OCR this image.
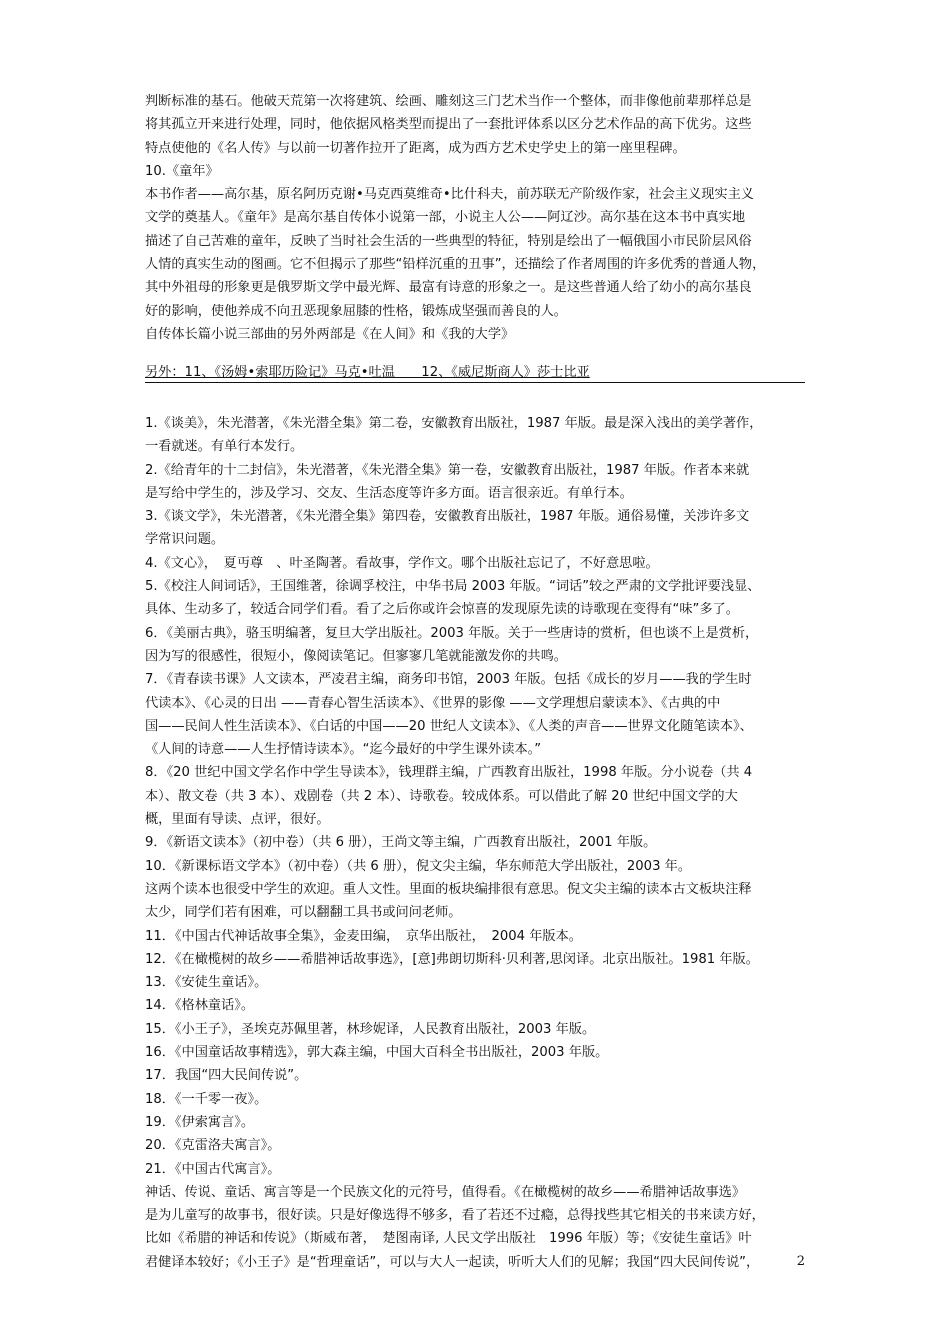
判断标准的基石。他破天荒第一次将建筑、绘画、雕刻这三门艺术当作一个整体，而非像他前辈那样总是
将其孤立开来进行处理，同时，他依据风格类型而提出了一套批评体系以区分艺术作品的高下优劣。这些
特点使他的《名人传》与以前一切著作拉开了距离，成为西方艺术史学史上的第一座里程碑。
10.《童年》
本书作者——高尔基，原名阿历克谢•马克西莫维奇•比什科夫，前苏联无产阶级作家，社会主义现实主义
文学的奠基人。《童年》是高尔基自传体小说第一部，小说主人公——阿辽沙。高尔基在这本书中真实地
描述了自己苦难的童年，反映了当时社会生活的一些典型的特征，特别是绘出了一幅俄国小市民阶层风俗
人情的真实生动的图画。它不但揭示了那些“铅样沉重的丑事”，还描绘了作者周围的许多优秀的普通人物，
其中外祖母的形象更是俄罗斯文学中最光辉、最富有诗意的形象之一。是这些普通人给了幼小的高尔基良
好的影响，使他养成不向丑恶现象屈膝的性格，锻炼成坚强而善良的人。
自传体长篇小说三部曲的另外两部是《在人间》和《我的大学》
另外：11、《汤姆•索耶历险记》马克•吐温　　12、《威尼斯商人》莎士比亚
1.《谈美》，朱光潜著，《朱光潜全集》第二卷，安徽教育出版社，1987 年版。最是深入浅出的美学著作，
一看就迷。有单行本发行。
2.《给青年的十二封信》，朱光潜著，《朱光潜全集》第一卷，安徽教育出版社，1987 年版。作者本来就
是写给中学生的，涉及学习、交友、生活态度等许多方面。语言很亲近。有单行本。
3.《谈文学》，朱光潜著，《朱光潜全集》第四卷，安徽教育出版社，1987 年版。通俗易懂，关涉许多文
学常识问题。
4.《文心》，　夏丏尊　、叶圣陶著。看故事，学作文。哪个出版社忘记了，不好意思啦。
5.《校注人间词话》，王国维著，徐调孚校注，中华书局 2003 年版。“词话”较之严肃的文学批评要浅显、
具体、生动多了，较适合同学们看。看了之后你或许会惊喜的发现原先读的诗歌现在变得有“味”多了。
6．《美丽古典》，骆玉明编著，复旦大学出版社。2003 年版。关于一些唐诗的赏析，但也谈不上是赏析，
因为写的很感性，很短小，像阅读笔记。但寥寥几笔就能激发你的共鸣。
7．《青春读书课》人文读本，严凌君主编，商务印书馆，2003 年版。包括《成长的岁月——我的学生时
代读本》、《心灵的日出 ——青春心智生活读本》、《世界的影像 ——文学理想启蒙读本》、《古典的中
国——民间人性生活读本》、《白话的中国——20 世纪人文读本》、《人类的声音——世界文化随笔读本》、
《人间的诗意——人生抒情诗读本》。“迄今最好的中学生课外读本。”
8．《20 世纪中国文学名作中学生导读本》，钱理群主编，广西教育出版社，1998 年版。分小说卷（共 4
本）、散文卷（共 3 本）、戏剧卷（共 2 本）、诗歌卷。较成体系。可以借此了解 20 世纪中国文学的大
概，里面有导读、点评，很好。
9．《新语文读本》（初中卷）（共 6 册），王尚文等主编，广西教育出版社，2001 年版。
10．《新课标语文学本》（初中卷）（共 6 册），倪文尖主编，华东师范大学出版社，2003 年。
这两个读本也很受中学生的欢迎。重人文性。里面的板块编排很有意思。倪文尖主编的读本古文板块注释
太少，同学们若有困难，可以翻翻工具书或问问老师。
11．《中国古代神话故事全集》，金麦田编，　京华出版社，　2004 年版本。
12．《在橄榄树的故乡——希腊神话故事选》，[意]弗朗切斯科·贝利著,思闵译。北京出版社。1981 年版。
13．《安徒生童话》。
14．《格林童话》。
15．《小王子》，圣埃克苏佩里著，林珍妮译，人民教育出版社，2003 年版。
16．《中国童话故事精选》，郭大森主编，中国大百科全书出版社，2003 年版。
17．我国“四大民间传说”。
18．《一千零一夜》。
19．《伊索寓言》。
20．《克雷洛夫寓言》。
21．《中国古代寓言》。
神话、传说、童话、寓言等是一个民族文化的元符号，值得看。《在橄榄树的故乡——希腊神话故事选》
是为儿童写的故事书，很好读。只是好像选得不够多，看了若还不过瘾，总得找些其它相关的书来读方好，
比如《希腊的神话和传说》（斯威布著，　楚图南译, 人民文学出版社　1996 年版）等；《安徒生童话》叶
君健译本较好；《小王子》是“哲理童话”，可以与大人一起读，听听大人们的见解；我国“四大民间传说”，	2
